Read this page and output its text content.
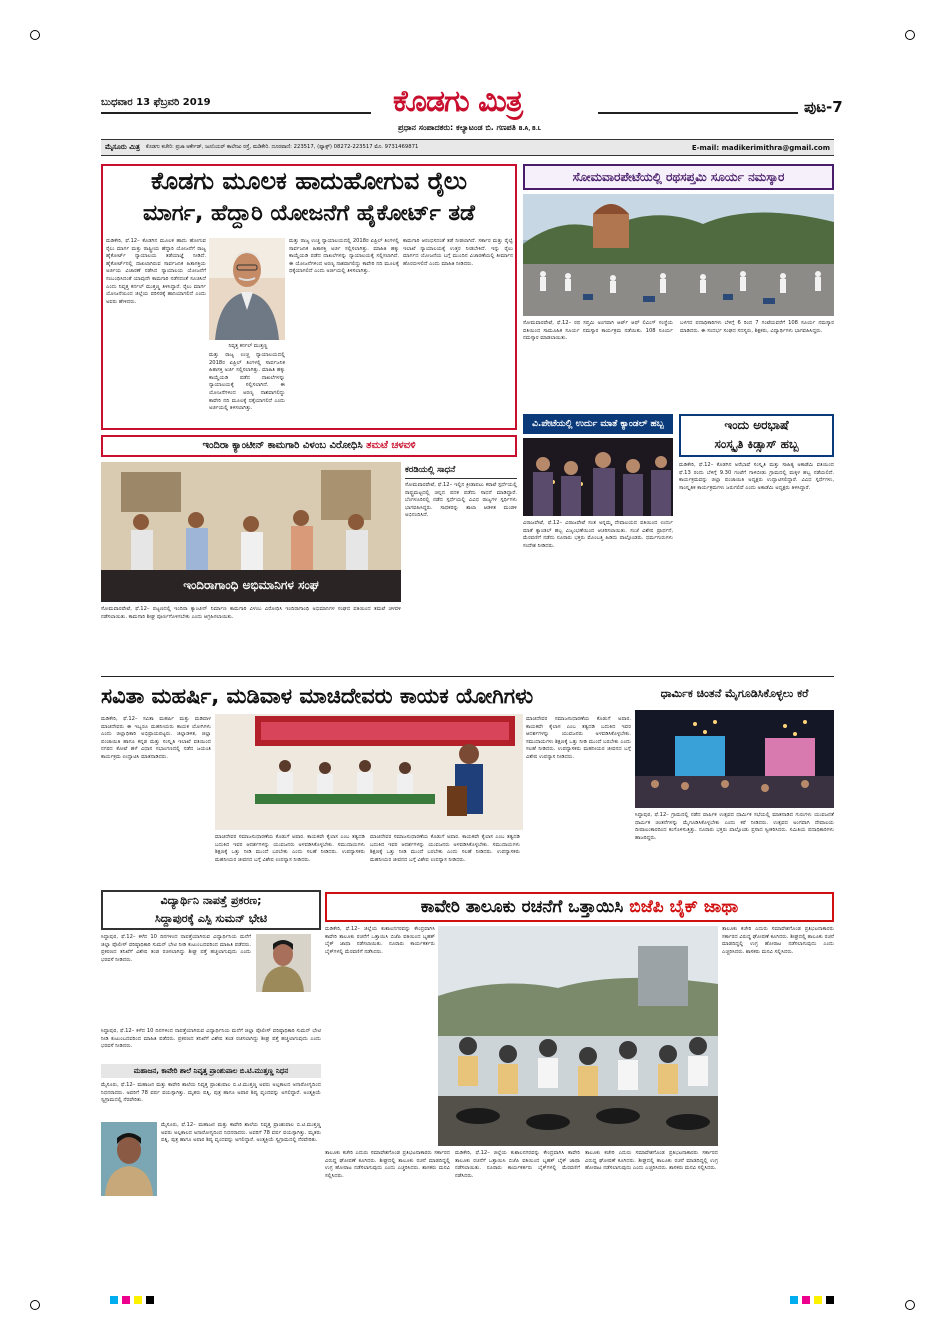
ಬುಧವಾರ 13 ಫೆಬ್ರವರಿ 2019	ಕೊಡಗು ಮಿತ್ರ
ಪ್ರಧಾನ ಸಂಪಾದಕರು: ಕಲ್ಯಾಟಂಡ ಬಿ. ಗಣಪತಿ B.A, B.L
ಪುಟ-7
ಮೈಸೂರು ಮಿತ್ರ ಕೊಡಗು ಕಚೇರಿ: ಪ್ರಜಾ ಆರ್ಕೇಡ್, ಜೂನಿಯರ್ ಕಾಲೇಜು ರಸ್ತೆ, ಮಡಿಕೇರಿ. ದೂರವಾಣಿ: 223517, (ಫ್ಯಾಕ್ಸ್) 08272-223517 ಮೊ. 9731469871	E-mail: madikerimithra@gmail.com
ಕೊಡಗು ಮೂಲಕ ಹಾದುಹೋಗುವ ರೈಲು
ಮಾರ್ಗ, ಹೆದ್ದಾರಿ ಯೋಜನೆಗೆ ಹೈಕೋರ್ಟ್ ತಡೆ
ಮಡಿಕೇರಿ, ಫೆ.12– ಕೊಡಗಿನ ಮೂಲಕ ಹಾದು ಹೋಗುವ ರೈಲು ಮಾರ್ಗ ಮತ್ತು ರಾಷ್ಟ್ರೀಯ ಹೆದ್ದಾರಿ ಯೋಜನೆಗೆ ರಾಜ್ಯ ಹೈಕೋರ್ಟ್ ನ್ಯಾಯಾಲಯ ತಡೆಯಾಜ್ಞೆ ನೀಡಿದೆ. ಹೈಕೋರ್ಟ್‌ನಲ್ಲಿ ದಾಖಲಾಗಿರುವ ಸಾರ್ವಜನಿಕ ಹಿತಾಸಕ್ತಿಯ ಅರ್ಜಿಯ ವಿಚಾರಣೆ ನಡೆಸಿದ ನ್ಯಾಯಾಲಯ ಯೋಜನೆಗೆ ಸಂಬಂಧಿಸಿದಂತೆ ಯಾವುದೇ ಕಾಮಗಾರಿ ನಡೆಸದಂತೆ ಸೂಚಿಸಿದೆ ಎಂದು ನಿವೃತ್ತ ಕರ್ನಲ್ ಮುತ್ತಣ್ಣ ತಿಳಿಸಿದ್ದಾರೆ. ರೈಲು ಮಾರ್ಗ ಯೋಜನೆಯಿಂದ ಜಿಲ್ಲೆಯ ಪರಿಸರಕ್ಕೆ ಹಾನಿಯಾಗಲಿದೆ ಎಂದು ಅವರು ಹೇಳಿದರು.
ನಿವೃತ್ತ ಕರ್ನಲ್ ಮುತ್ತಣ್ಣ
ಮತ್ತು ರಾಜ್ಯ ಉಚ್ಚ ನ್ಯಾಯಾಲಯದಲ್ಲಿ 2018ರ ಏಪ್ರಿಲ್ ತಿಂಗಳಲ್ಲಿ ಸಾರ್ವಜನಿಕ ಹಿತಾಸಕ್ತಿ ಅರ್ಜಿ ಸಲ್ಲಿಸಲಾಗಿತ್ತು. ಮಾಹಿತಿ ಹಕ್ಕು ಕಾಯ್ದೆಯಡಿ ಪಡೆದ ದಾಖಲೆಗಳನ್ನು ನ್ಯಾಯಾಲಯಕ್ಕೆ ಸಲ್ಲಿಸಲಾಗಿದೆ. ಈ ಯೋಜನೆಗಳಿಂದ ಅರಣ್ಯ ನಾಶವಾಗಲಿದ್ದು ಕಾವೇರಿ ನದಿ ಮೂಲಕ್ಕೆ ಧಕ್ಕೆಯಾಗಲಿದೆ ಎಂದು ಅರ್ಜಿಯಲ್ಲಿ ತಿಳಿಸಲಾಗಿತ್ತು.
ಮತ್ತು ರಾಜ್ಯ ಉಚ್ಚ ನ್ಯಾಯಾಲಯದಲ್ಲಿ 2018ರ ಏಪ್ರಿಲ್ ತಿಂಗಳಲ್ಲಿ ಸಾರ್ವಜನಿಕ ಹಿತಾಸಕ್ತಿ ಅರ್ಜಿ ಸಲ್ಲಿಸಲಾಗಿತ್ತು. ಮಾಹಿತಿ ಹಕ್ಕು ಕಾಯ್ದೆಯಡಿ ಪಡೆದ ದಾಖಲೆಗಳನ್ನು ನ್ಯಾಯಾಲಯಕ್ಕೆ ಸಲ್ಲಿಸಲಾಗಿದೆ. ಈ ಯೋಜನೆಗಳಿಂದ ಅರಣ್ಯ ನಾಶವಾಗಲಿದ್ದು ಕಾವೇರಿ ನದಿ ಮೂಲಕ್ಕೆ ಧಕ್ಕೆಯಾಗಲಿದೆ ಎಂದು ಅರ್ಜಿಯಲ್ಲಿ ತಿಳಿಸಲಾಗಿತ್ತು.
ಕಾಮಗಾರಿ ಆರಂಭಿಸದಂತೆ ತಡೆ ನೀಡಲಾಗಿದೆ. ಸರ್ಕಾರ ಮತ್ತು ರೈಲ್ವೆ ಇಲಾಖೆ ನ್ಯಾಯಾಲಯಕ್ಕೆ ಉತ್ತರ ನೀಡಬೇಕಿದೆ. ಇನ್ನು ರೈಲು ಮಾರ್ಗದ ಯೋಜನೆಯ ಬಗ್ಗೆ ಮುಂದಿನ ವಿಚಾರಣೆಯಲ್ಲಿ ತೀರ್ಮಾನ ಹೊರಬೀಳಲಿದೆ ಎಂದು ಮಾಹಿತಿ ನೀಡಿದರು.
ಸೋಮವಾರಪೇಟೆಯಲ್ಲಿ ರಥಸಪ್ತಮಿ ಸೂರ್ಯ ನಮಸ್ಕಾರ
ಸೋಮವಾರಪೇಟೆ, ಫೆ.12– ರಥ ಸಪ್ತಮಿ ಅಂಗವಾಗಿ ಆರ್ಟ್ ಆಫ್ ಲಿವಿಂಗ್ ಸಂಸ್ಥೆಯ ವತಿಯಿಂದ ಸಾಮೂಹಿಕ ಸೂರ್ಯ ನಮಸ್ಕಾರ ಕಾರ್ಯಕ್ರಮ ನಡೆಯಿತು. 108 ಸೂರ್ಯ ನಮಸ್ಕಾರ ಮಾಡಲಾಯಿತು.
ಬಳಗದ ಪದಾಧಿಕಾರಿಗಳು ಬೆಳಿಗ್ಗೆ 6 ರಿಂದ 7 ಗಂಟೆಯವರೆಗೆ 108 ಸೂರ್ಯ ನಮಸ್ಕಾರ ಮಾಡಿದರು. ಈ ಸಂದರ್ಭ ಸಂಘದ ಸದಸ್ಯರು, ಶಿಕ್ಷಕರು, ವಿದ್ಯಾರ್ಥಿಗಳು ಭಾಗವಹಿಸಿದ್ದರು.
ವಿ.ಪೇಟೆಯಲ್ಲಿ ಉರ್ದು ಮಾತೆ ಕ್ಯಾಂಡಲ್ ಹಬ್ಬ
ವಿರಾಜಪೇಟೆ, ಫೆ.12– ವಿರಾಜಪೇಟೆ ಸಂತ ಅನ್ನಮ್ಮ ದೇವಾಲಯದ ವತಿಯಿಂದ ಉರ್ದು ಮಾತೆ ಕ್ಯಾಂಡಲ್ ಹಬ್ಬ ವಿಜೃಂಭಣೆಯಿಂದ ಆಚರಿಸಲಾಯಿತು. ಸಂಜೆ ವಿಶೇಷ ಪ್ರಾರ್ಥನೆ, ಮೆರವಣಿಗೆ ನಡೆದು ನೂರಾರು ಭಕ್ತರು ಮೊಂಬತ್ತಿ ಹಿಡಿದು ಪಾಲ್ಗೊಂಡರು. ಧರ್ಮಗುರುಗಳು ಸಂದೇಶ ನೀಡಿದರು.
ಇಂದು ಅರಭಾಷೆ
ಸಂಸ್ಕೃತಿ ಕಿಡ್ಸಾಸ್ ಹಬ್ಬ
ಮಡಿಕೇರಿ, ಫೆ.12– ಕೊಡಗಿನ ಅರೆಭಾಷೆ ಸಂಸ್ಕೃತಿ ಮತ್ತು ಸಾಹಿತ್ಯ ಅಕಾಡೆಮಿ ವತಿಯಿಂದ ಫೆ.13 ರಂದು ಬೆಳಿಗ್ಗೆ 9.30 ಗಂಟೆಗೆ ಗಾಳಿಬೀಡು ಗ್ರಾಮದಲ್ಲಿ ಮಕ್ಕಳ ಹಬ್ಬ ನಡೆಯಲಿದೆ. ಕಾರ್ಯಕ್ರಮವನ್ನು ಜಿಲ್ಲಾ ಪಂಚಾಯಿತಿ ಅಧ್ಯಕ್ಷರು ಉದ್ಘಾಟಿಸಲಿದ್ದಾರೆ. ವಿವಿಧ ಸ್ಪರ್ಧೆಗಳು, ಸಾಂಸ್ಕೃತಿಕ ಕಾರ್ಯಕ್ರಮಗಳು ಜರುಗಲಿವೆ ಎಂದು ಅಕಾಡೆಮಿ ಅಧ್ಯಕ್ಷರು ತಿಳಿಸಿದ್ದಾರೆ.
ಇಂದಿರಾ ಕ್ಯಾಂಟೀನ್ ಕಾಮಗಾರಿ ವಿಳಂಬ ವಿರೋಧಿಸಿ ತಮಟೆ ಚಳವಳಿ
ಇಂದಿರಾಗಾಂಧಿ ಅಭಿಮಾನಿಗಳ ಸಂಘ
ಸೋಮವಾರಪೇಟೆ, ಫೆ.12– ಪಟ್ಟಣದಲ್ಲಿ ಇಂದಿರಾ ಕ್ಯಾಂಟೀನ್ ನಿರ್ಮಾಣ ಕಾಮಗಾರಿ ವಿಳಂಬ ವಿರೋಧಿಸಿ ಇಂದಿರಾಗಾಂಧಿ ಅಭಿಮಾನಿಗಳ ಸಂಘದ ವತಿಯಿಂದ ತಮಟೆ ಚಳವಳಿ ನಡೆಸಲಾಯಿತು. ಕಾಮಗಾರಿ ಶೀಘ್ರ ಪೂರ್ಣಗೊಳಿಸಬೇಕು ಎಂದು ಆಗ್ರಹಿಸಲಾಯಿತು.
ಕರಡಿಯಲ್ಲಿ ಸಾಧನೆ
ಸೋಮವಾರಪೇಟೆ, ಫೆ.12– ಇಲ್ಲಿನ ಕ್ರೀಡಾಪಟು ಕರಾಟೆ ಸ್ಪರ್ಧೆಯಲ್ಲಿ ರಾಷ್ಟ್ರಮಟ್ಟದಲ್ಲಿ ಚಿನ್ನದ ಪದಕ ಪಡೆದು ಸಾಧನೆ ಮಾಡಿದ್ದಾರೆ. ಬೆಂಗಳೂರಿನಲ್ಲಿ ನಡೆದ ಸ್ಪರ್ಧೆಯಲ್ಲಿ ವಿವಿಧ ರಾಜ್ಯಗಳ ಸ್ಪರ್ಧಿಗಳು ಭಾಗವಹಿಸಿದ್ದರು. ಸಾಧಕರನ್ನು ಶಾಲಾ ಆಡಳಿತ ಮಂಡಳಿ ಅಭಿನಂದಿಸಿದೆ.
ಸವಿತಾ ಮಹರ್ಷಿ, ಮಡಿವಾಳ ಮಾಚಿದೇವರು ಕಾಯಕ ಯೋಗಿಗಳು
ಮಡಿಕೇರಿ, ಫೆ.12– ಸವಿತಾ ಮಹರ್ಷಿ ಮತ್ತು ಮಡಿವಾಳ ಮಾಚಿದೇವರು ಈ ಇಬ್ಬರೂ ಮಹನೀಯರು ಕಾಯಕ ಯೋಗಿಗಳು ಎಂದು ಜಿಲ್ಲಾಧಿಕಾರಿ ಅಭಿಪ್ರಾಯಪಟ್ಟರು. ಜಿಲ್ಲಾಡಳಿತ, ಜಿಲ್ಲಾ ಪಂಚಾಯಿತಿ ಹಾಗೂ ಕನ್ನಡ ಮತ್ತು ಸಂಸ್ಕೃತಿ ಇಲಾಖೆ ವತಿಯಿಂದ ನಗರದ ಕೋಟೆ ಹಳೆ ವಿಧಾನ ಸಭಾಂಗಣದಲ್ಲಿ ನಡೆದ ಜಯಂತಿ ಕಾರ್ಯಕ್ರಮ ಉದ್ಘಾಟಿಸಿ ಮಾತನಾಡಿದರು.
ಮಾಚಿದೇವರ ಸಮಾಜಸುಧಾರಣೆಯ ಕೊಡುಗೆ ಅಪಾರ. ಕಾಯಕವೇ ಕೈಲಾಸ ಎಂಬ ತತ್ವದಡಿ ಬದುಕಿದ ಇವರ ಆದರ್ಶಗಳನ್ನು ಯುವಜನರು ಅಳವಡಿಸಿಕೊಳ್ಳಬೇಕು. ಸಮುದಾಯಗಳು ಶಿಕ್ಷಣಕ್ಕೆ ಒತ್ತು ನೀಡಿ ಮುಂದೆ ಬರಬೇಕು ಎಂದು ಸಲಹೆ ನೀಡಿದರು. ಉಪನ್ಯಾಸಕರು ಮಹನೀಯರ ಜೀವನದ ಬಗ್ಗೆ ವಿಶೇಷ ಉಪನ್ಯಾಸ ನೀಡಿದರು.
ಮಾಚಿದೇವರ ಸಮಾಜಸುಧಾರಣೆಯ ಕೊಡುಗೆ ಅಪಾರ. ಕಾಯಕವೇ ಕೈಲಾಸ ಎಂಬ ತತ್ವದಡಿ ಬದುಕಿದ ಇವರ ಆದರ್ಶಗಳನ್ನು ಯುವಜನರು ಅಳವಡಿಸಿಕೊಳ್ಳಬೇಕು. ಸಮುದಾಯಗಳು ಶಿಕ್ಷಣಕ್ಕೆ ಒತ್ತು ನೀಡಿ ಮುಂದೆ ಬರಬೇಕು ಎಂದು ಸಲಹೆ ನೀಡಿದರು. ಉಪನ್ಯಾಸಕರು ಮಹನೀಯರ ಜೀವನದ ಬಗ್ಗೆ ವಿಶೇಷ ಉಪನ್ಯಾಸ ನೀಡಿದರು.
ಮಾಚಿದೇವರ ಸಮಾಜಸುಧಾರಣೆಯ ಕೊಡುಗೆ ಅಪಾರ. ಕಾಯಕವೇ ಕೈಲಾಸ ಎಂಬ ತತ್ವದಡಿ ಬದುಕಿದ ಇವರ ಆದರ್ಶಗಳನ್ನು ಯುವಜನರು ಅಳವಡಿಸಿಕೊಳ್ಳಬೇಕು. ಸಮುದಾಯಗಳು ಶಿಕ್ಷಣಕ್ಕೆ ಒತ್ತು ನೀಡಿ ಮುಂದೆ ಬರಬೇಕು ಎಂದು ಸಲಹೆ ನೀಡಿದರು. ಉಪನ್ಯಾಸಕರು ಮಹನೀಯರ ಜೀವನದ ಬಗ್ಗೆ ವಿಶೇಷ ಉಪನ್ಯಾಸ ನೀಡಿದರು.
ಧಾರ್ಮಿಕ ಚಿಂತನೆ ಮೈಗೂಡಿಸಿಕೊಳ್ಳಲು ಕರೆ
ಸಿದ್ದಾಪುರ, ಫೆ.12– ಗ್ರಾಮದಲ್ಲಿ ನಡೆದ ವಾರ್ಷಿಕ ಉತ್ಸವದ ಧಾರ್ಮಿಕ ಸಭೆಯಲ್ಲಿ ಮಾತನಾಡಿದ ಗುರುಗಳು ಯುವಜನತೆ ಧಾರ್ಮಿಕ ಚಿಂತನೆಗಳನ್ನು ಮೈಗೂಡಿಸಿಕೊಳ್ಳಬೇಕು ಎಂದು ಕರೆ ನೀಡಿದರು. ಉತ್ಸವದ ಅಂಗವಾಗಿ ದೇವಾಲಯ ದೀಪಾಲಂಕಾರದಿಂದ ಕಂಗೊಳಿಸುತ್ತಿತ್ತು. ನೂರಾರು ಭಕ್ತರು ಪಾಲ್ಗೊಂಡು ಪ್ರಸಾದ ಸ್ವೀಕರಿಸಿದರು. ಸಮಿತಿಯ ಪದಾಧಿಕಾರಿಗಳು ಹಾಜರಿದ್ದರು.
ವಿದ್ಯಾರ್ಥಿನಿ ನಾಪತ್ತೆ ಪ್ರಕರಣ;
ಸಿದ್ದಾಪುರಕ್ಕೆ ಎಸ್ಪಿ ಸುಮನ್ ಭೇಟಿ
ಸಿದ್ದಾಪುರ, ಫೆ.12– ಕಳೆದ 10 ದಿನಗಳಿಂದ ನಾಪತ್ತೆಯಾಗಿರುವ ವಿದ್ಯಾರ್ಥಿನಿಯ ಮನೆಗೆ ಜಿಲ್ಲಾ ಪೊಲೀಸ್ ವರಿಷ್ಠಾಧಿಕಾರಿ ಸುಮನ್ ಭೇಟಿ ನೀಡಿ ಕುಟುಂಬದವರಿಂದ ಮಾಹಿತಿ ಪಡೆದರು. ಪ್ರಕರಣದ ತನಿಖೆಗೆ ವಿಶೇಷ ತಂಡ ರಚಿಸಲಾಗಿದ್ದು ಶೀಘ್ರ ಪತ್ತೆ ಹಚ್ಚಲಾಗುವುದು ಎಂದು ಭರವಸೆ ನೀಡಿದರು.
ಸಿದ್ದಾಪುರ, ಫೆ.12– ಕಳೆದ 10 ದಿನಗಳಿಂದ ನಾಪತ್ತೆಯಾಗಿರುವ ವಿದ್ಯಾರ್ಥಿನಿಯ ಮನೆಗೆ ಜಿಲ್ಲಾ ಪೊಲೀಸ್ ವರಿಷ್ಠಾಧಿಕಾರಿ ಸುಮನ್ ಭೇಟಿ ನೀಡಿ ಕುಟುಂಬದವರಿಂದ ಮಾಹಿತಿ ಪಡೆದರು. ಪ್ರಕರಣದ ತನಿಖೆಗೆ ವಿಶೇಷ ತಂಡ ರಚಿಸಲಾಗಿದ್ದು ಶೀಘ್ರ ಪತ್ತೆ ಹಚ್ಚಲಾಗುವುದು ಎಂದು ಭರವಸೆ ನೀಡಿದರು.
ಮಹಾಜನ, ಕಾವೇರಿ ಶಾಲೆ ನಿವೃತ್ತ ಪ್ರಾಂಶುಪಾಲ ಬಿ.ಟಿ.ಮುತ್ತಣ್ಣ ನಿಧನ
ಮೈಸೂರು, ಫೆ.12– ಮಹಾಜನ ಮತ್ತು ಕಾವೇರಿ ಶಾಲೆಯ ನಿವೃತ್ತ ಪ್ರಾಂಶುಪಾಲ ಬಿ.ಟಿ.ಮುತ್ತಣ್ಣ ಅವರು ಅಲ್ಪಕಾಲದ ಅನಾರೋಗ್ಯದಿಂದ ನಿಧನರಾದರು. ಅವರಿಗೆ 78 ವರ್ಷ ವಯಸ್ಸಾಗಿತ್ತು. ಮೃತರು ಪತ್ನಿ, ಪುತ್ರ ಹಾಗೂ ಅಪಾರ ಶಿಷ್ಯ ವೃಂದವನ್ನು ಅಗಲಿದ್ದಾರೆ. ಅಂತ್ಯಕ್ರಿಯೆ ಸ್ವಗ್ರಾಮದಲ್ಲಿ ನೆರವೇರಿತು.
ಮೈಸೂರು, ಫೆ.12– ಮಹಾಜನ ಮತ್ತು ಕಾವೇರಿ ಶಾಲೆಯ ನಿವೃತ್ತ ಪ್ರಾಂಶುಪಾಲ ಬಿ.ಟಿ.ಮುತ್ತಣ್ಣ ಅವರು ಅಲ್ಪಕಾಲದ ಅನಾರೋಗ್ಯದಿಂದ ನಿಧನರಾದರು. ಅವರಿಗೆ 78 ವರ್ಷ ವಯಸ್ಸಾಗಿತ್ತು. ಮೃತರು ಪತ್ನಿ, ಪುತ್ರ ಹಾಗೂ ಅಪಾರ ಶಿಷ್ಯ ವೃಂದವನ್ನು ಅಗಲಿದ್ದಾರೆ. ಅಂತ್ಯಕ್ರಿಯೆ ಸ್ವಗ್ರಾಮದಲ್ಲಿ ನೆರವೇರಿತು.
ಕಾವೇರಿ ತಾಲೂಕು ರಚನೆಗೆ ಒತ್ತಾಯಿಸಿ ಬಿಜೆಪಿ ಬೈಕ್ ಜಾಥಾ
ಮಡಿಕೇರಿ, ಫೆ.12– ಜಿಲ್ಲೆಯ ಕುಶಾಲನಗರವನ್ನು ಕೇಂದ್ರವಾಗಿಸಿ ಕಾವೇರಿ ತಾಲೂಕು ರಚನೆಗೆ ಒತ್ತಾಯಿಸಿ ಬಿಜೆಪಿ ವತಿಯಿಂದ ಬೃಹತ್ ಬೈಕ್ ಜಾಥಾ ನಡೆಸಲಾಯಿತು. ನೂರಾರು ಕಾರ್ಯಕರ್ತರು ಬೈಕ್‌ಗಳಲ್ಲಿ ಮೆರವಣಿಗೆ ನಡೆಸಿದರು.
ತಾಲೂಕು ಕಚೇರಿ ಎದುರು ಸಮಾವೇಶಗೊಂಡ ಪ್ರತಿಭಟನಾಕಾರರು ಸರ್ಕಾರದ ವಿರುದ್ಧ ಘೋಷಣೆ ಕೂಗಿದರು. ಶೀಘ್ರದಲ್ಲಿ ತಾಲೂಕು ರಚನೆ ಮಾಡದಿದ್ದಲ್ಲಿ ಉಗ್ರ ಹೋರಾಟ ನಡೆಸಲಾಗುವುದು ಎಂದು ಎಚ್ಚರಿಸಿದರು. ಶಾಸಕರು ಮನವಿ ಸಲ್ಲಿಸಿದರು.
ತಾಲೂಕು ಕಚೇರಿ ಎದುರು ಸಮಾವೇಶಗೊಂಡ ಪ್ರತಿಭಟನಾಕಾರರು ಸರ್ಕಾರದ ವಿರುದ್ಧ ಘೋಷಣೆ ಕೂಗಿದರು. ಶೀಘ್ರದಲ್ಲಿ ತಾಲೂಕು ರಚನೆ ಮಾಡದಿದ್ದಲ್ಲಿ ಉಗ್ರ ಹೋರಾಟ ನಡೆಸಲಾಗುವುದು ಎಂದು ಎಚ್ಚರಿಸಿದರು. ಶಾಸಕರು ಮನವಿ ಸಲ್ಲಿಸಿದರು.
ಮಡಿಕೇರಿ, ಫೆ.12– ಜಿಲ್ಲೆಯ ಕುಶಾಲನಗರವನ್ನು ಕೇಂದ್ರವಾಗಿಸಿ ಕಾವೇರಿ ತಾಲೂಕು ರಚನೆಗೆ ಒತ್ತಾಯಿಸಿ ಬಿಜೆಪಿ ವತಿಯಿಂದ ಬೃಹತ್ ಬೈಕ್ ಜಾಥಾ ನಡೆಸಲಾಯಿತು. ನೂರಾರು ಕಾರ್ಯಕರ್ತರು ಬೈಕ್‌ಗಳಲ್ಲಿ ಮೆರವಣಿಗೆ ನಡೆಸಿದರು.
ತಾಲೂಕು ಕಚೇರಿ ಎದುರು ಸಮಾವೇಶಗೊಂಡ ಪ್ರತಿಭಟನಾಕಾರರು ಸರ್ಕಾರದ ವಿರುದ್ಧ ಘೋಷಣೆ ಕೂಗಿದರು. ಶೀಘ್ರದಲ್ಲಿ ತಾಲೂಕು ರಚನೆ ಮಾಡದಿದ್ದಲ್ಲಿ ಉಗ್ರ ಹೋರಾಟ ನಡೆಸಲಾಗುವುದು ಎಂದು ಎಚ್ಚರಿಸಿದರು. ಶಾಸಕರು ಮನವಿ ಸಲ್ಲಿಸಿದರು.
